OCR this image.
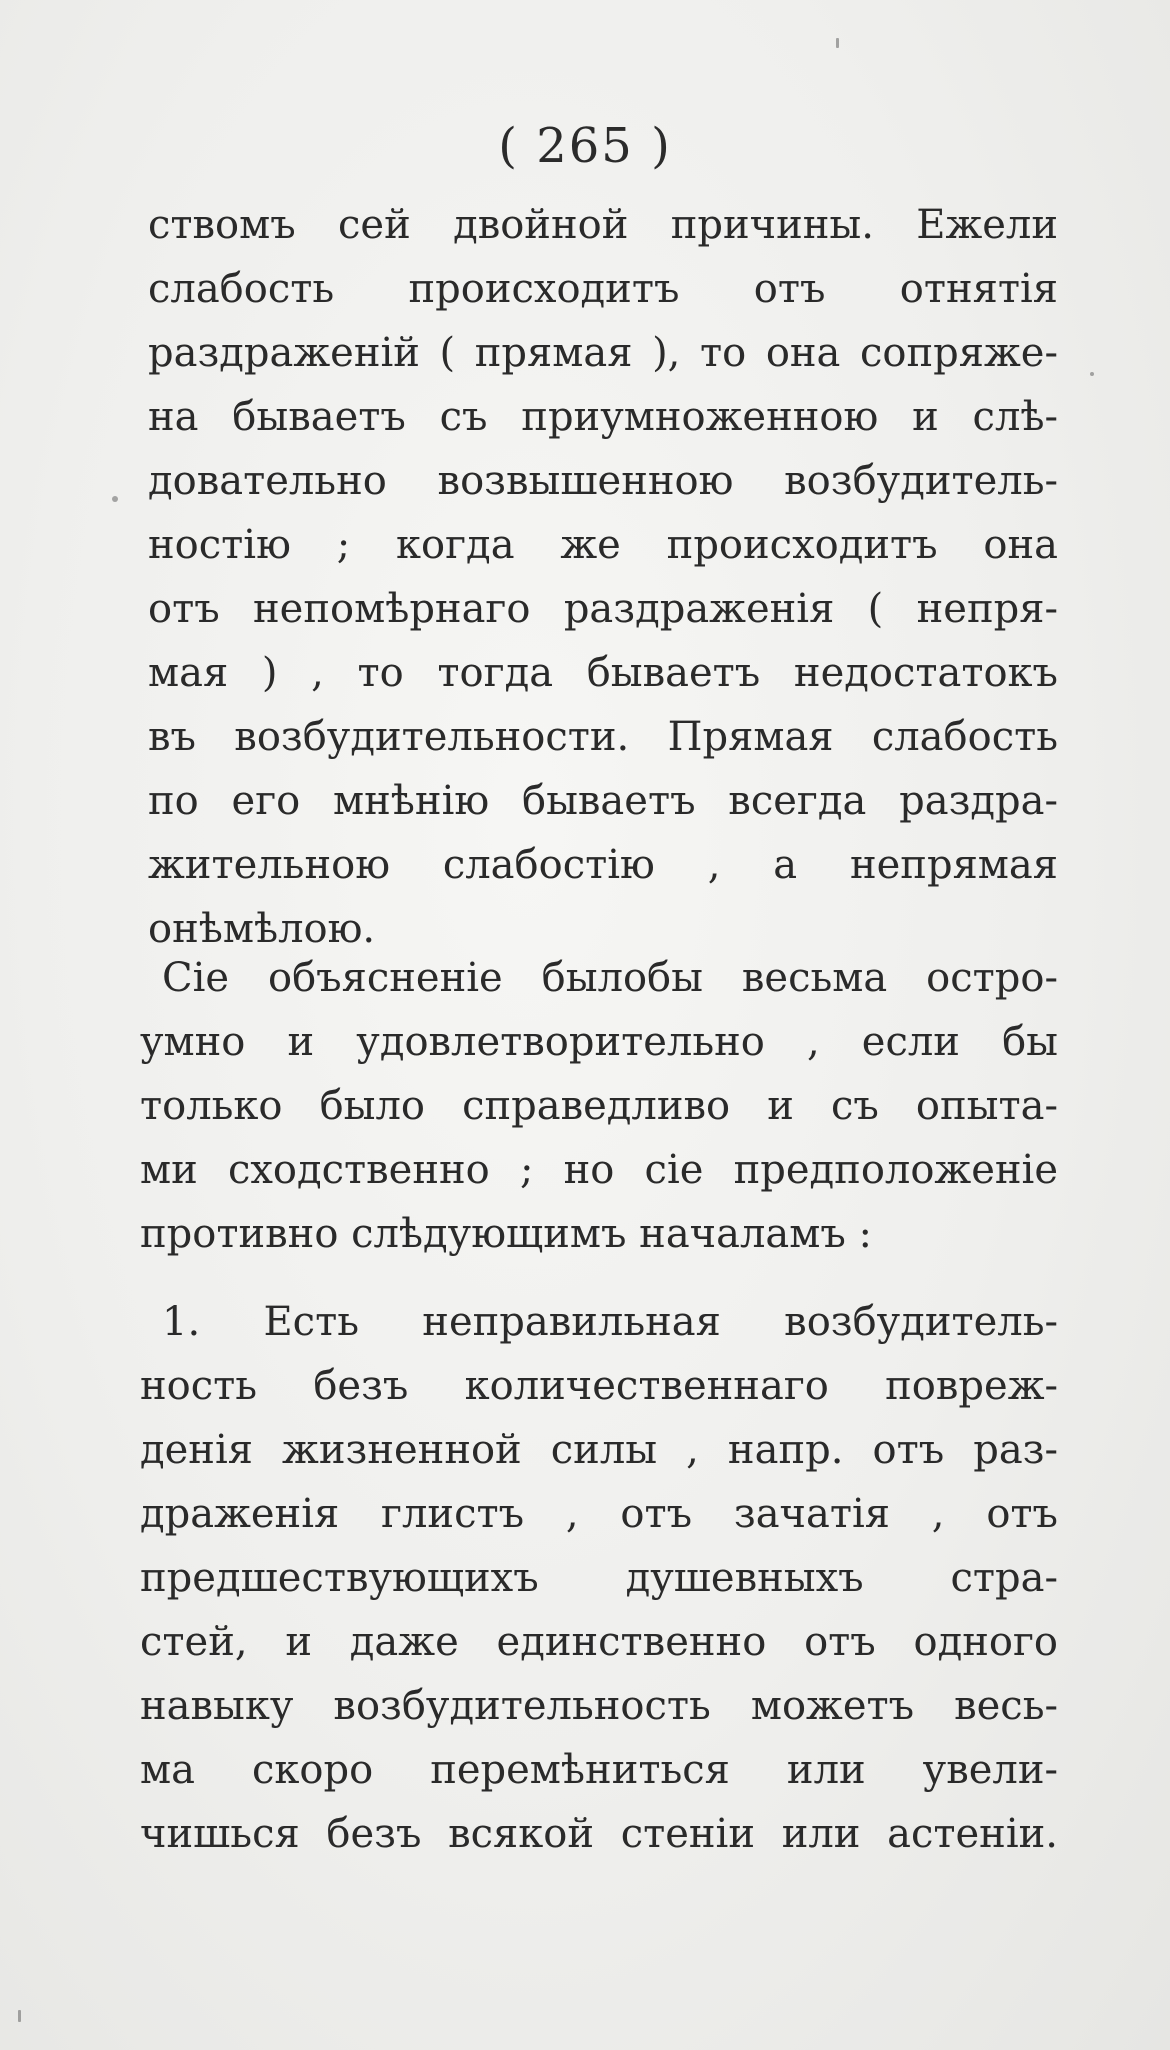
( 265 )
ствомъ сей двойной причины. Ежели
слабость происходитъ отъ отнятія
раздраженій ( прямая ), то она сопряже-
на бываетъ съ приумноженною и слѣ-
довательно возвышенною возбудитель-
ностію ; когда же происходитъ она
отъ непомѣрнаго раздраженія ( непря-
мая ) , то тогда бываетъ недостатокъ
въ возбудительности. Прямая слабость
по его мнѣнію бываетъ всегда раздра-
жительною слабостію , а непрямая
онѣмѣлою.
Сіе объясненіе былобы весьма остро-
умно и удовлетворительно , если бы
только было справедливо и съ опыта-
ми сходственно ; но сіе предположеніе
противно слѣдующимъ началамъ :
1. Есть неправильная возбудитель-
ность безъ количественнаго повреж-
денія жизненной силы , напр. отъ раз-
драженія глистъ , отъ зачатія , отъ
предшествующихъ душевныхъ стра-
стей, и даже единственно отъ одного
навыку возбудительность можетъ весь-
ма скоро перемѣниться или увели-
чишься безъ всякой стеніи или астеніи.
